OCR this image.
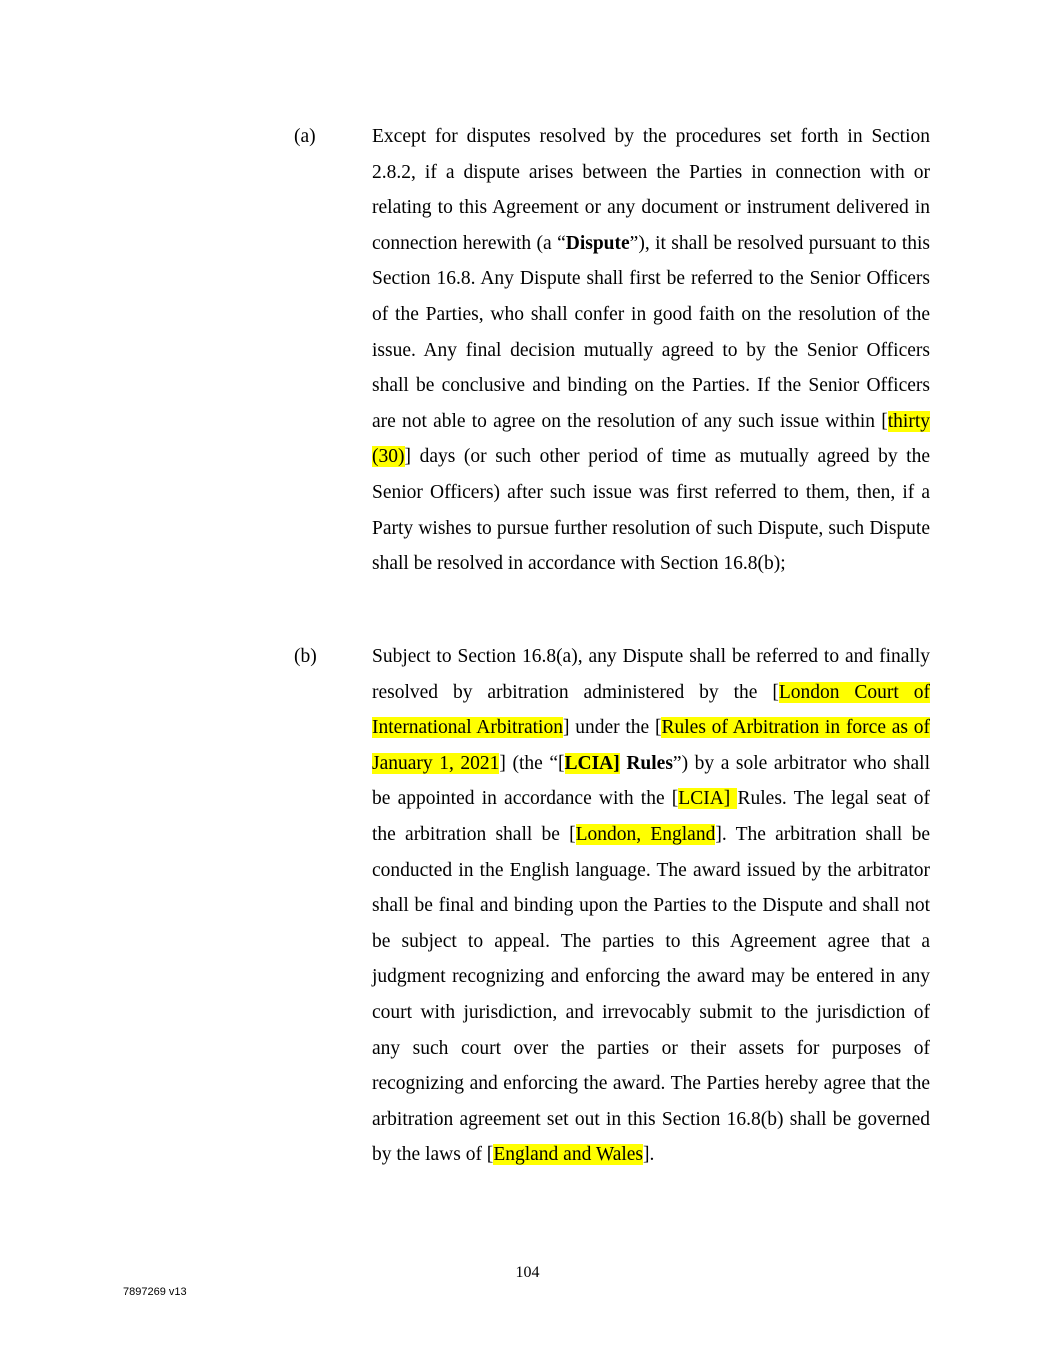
(a)	Except for disputes resolved by the procedures set forth in Section 2.8.2, if a dispute arises between the Parties in connection with or relating to this Agreement or any document or instrument delivered in connection herewith (a “Dispute”), it shall be resolved pursuant to this Section 16.8. Any Dispute shall first be referred to the Senior Officers of the Parties, who shall confer in good faith on the resolution of the issue. Any final decision mutually agreed to by the Senior Officers shall be conclusive and binding on the Parties. If the Senior Officers are not able to agree on the resolution of any such issue within [thirty (30)] days (or such other period of time as mutually agreed by the Senior Officers) after such issue was first referred to them, then, if a Party wishes to pursue further resolution of such Dispute, such Dispute shall be resolved in accordance with Section 16.8(b);
(b)	Subject to Section 16.8(a), any Dispute shall be referred to and finally resolved by arbitration administered by the [London Court of International Arbitration] under the [Rules of Arbitration in force as of January 1, 2021] (the “[LCIA] Rules”) by a sole arbitrator who shall be appointed in accordance with the [LCIA] Rules. The legal seat of the arbitration shall be [London, England]. The arbitration shall be conducted in the English language. The award issued by the arbitrator shall be final and binding upon the Parties to the Dispute and shall not be subject to appeal. The parties to this Agreement agree that a judgment recognizing and enforcing the award may be entered in any court with jurisdiction, and irrevocably submit to the jurisdiction of any such court over the parties or their assets for purposes of recognizing and enforcing the award. The Parties hereby agree that the arbitration agreement set out in this Section 16.8(b) shall be governed by the laws of [England and Wales].
104
7897269 v13
